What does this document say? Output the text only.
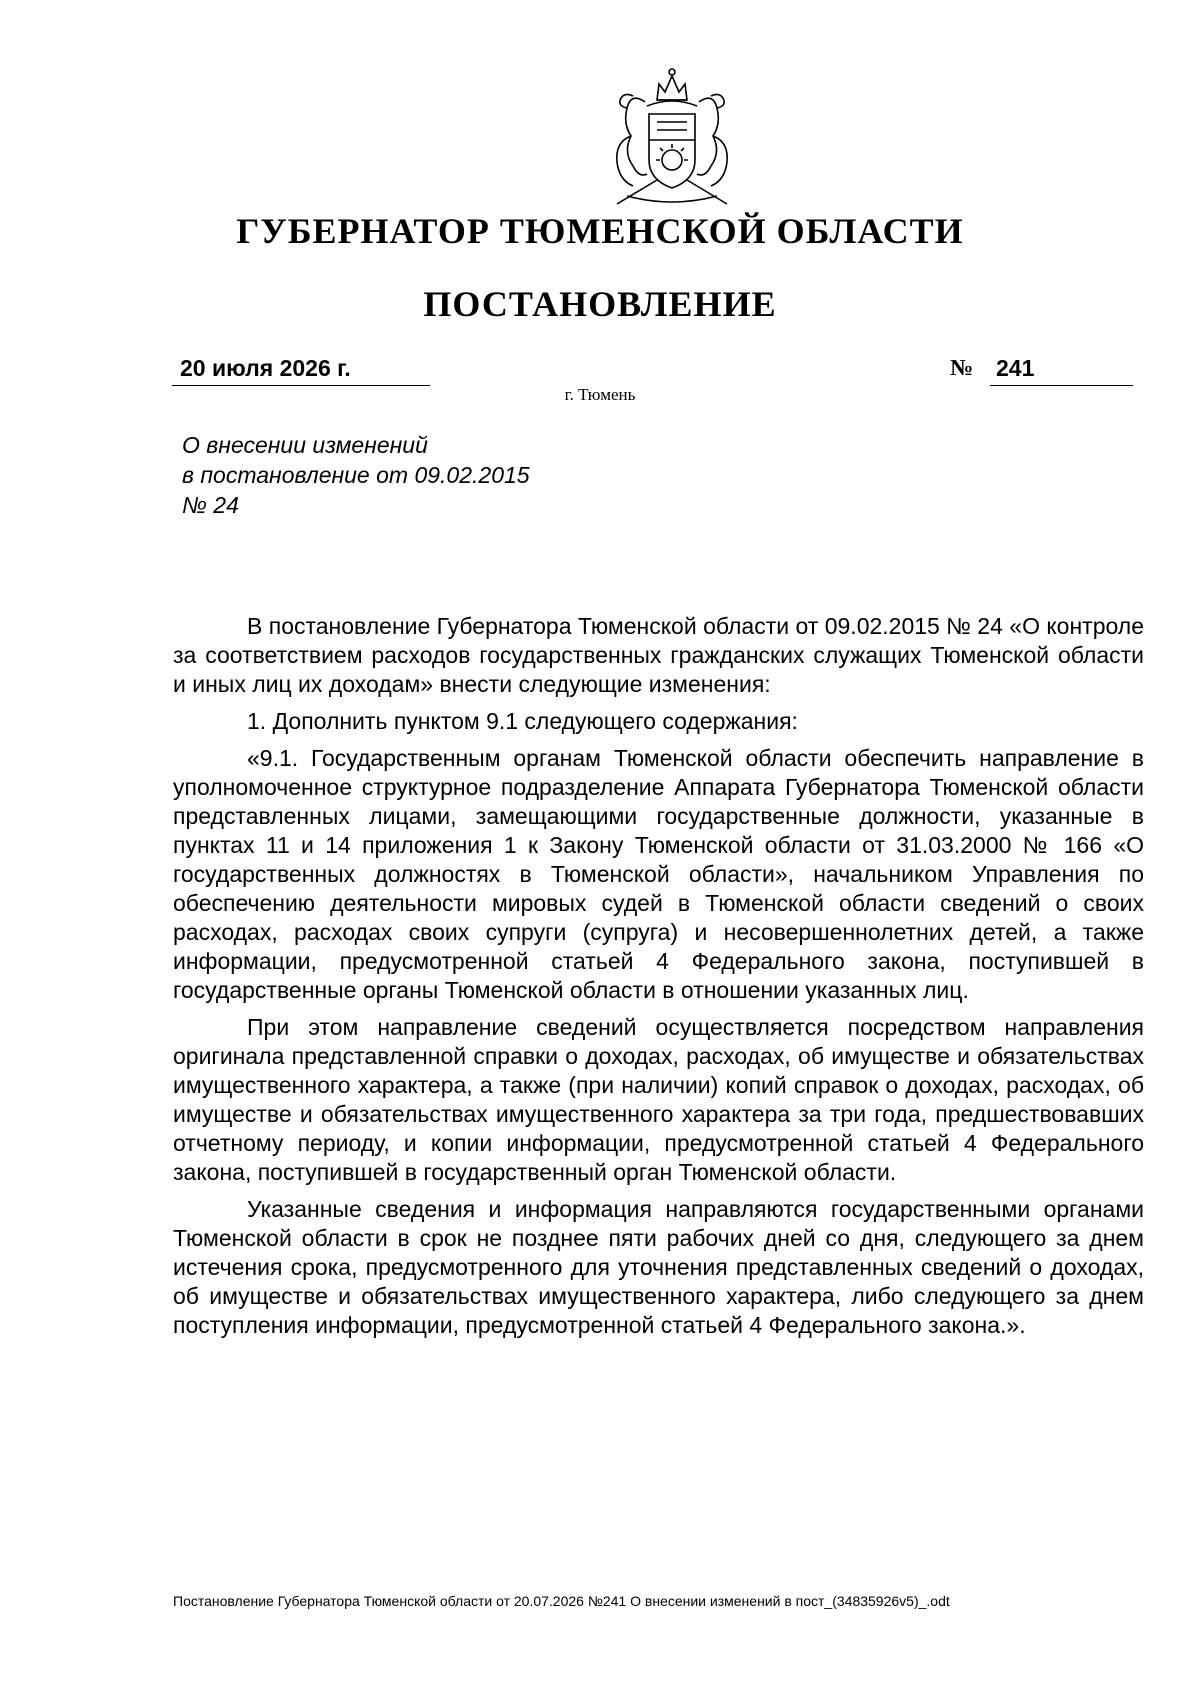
ГУБЕРНАТОР ТЮМЕНСКОЙ ОБЛАСТИ
ПОСТАНОВЛЕНИЕ
20 июля 2026 г.	№ 241
г. Тюмень
О внесении изменений
в постановление от 09.02.2015
№ 24

В постановление Губернатора Тюменской области от 09.02.2015 № 24 «О контроле за соответствием расходов государственных гражданских служащих Тюменской области и иных лиц их доходам» внести следующие изменения:

1. Дополнить пунктом 9.1 следующего содержания:

«9.1. Государственным органам Тюменской области обеспечить направление в уполномоченное структурное подразделение Аппарата Губернатора Тюменской области представленных лицами, замещающими государственные должности, указанные в пунктах 11 и 14 приложения 1 к Закону Тюменской области от 31.03.2000 № 166 «О государственных должностях в Тюменской области», начальником Управления по обеспечению деятельности мировых судей в Тюменской области сведений о своих расходах, расходах своих супруги (супруга) и несовершеннолетних детей, а также информации, предусмотренной статьей 4 Федерального закона, поступившей в государственные органы Тюменской области в отношении указанных лиц.

При этом направление сведений осуществляется посредством направления оригинала представленной справки о доходах, расходах, об имуществе и обязательствах имущественного характера, а также (при наличии) копий справок о доходах, расходах, об имуществе и обязательствах имущественного характера за три года, предшествовавших отчетному периоду, и копии информации, предусмотренной статьей 4 Федерального закона, поступившей в государственный орган Тюменской области.

Указанные сведения и информация направляются государственными органами Тюменской области в срок не позднее пяти рабочих дней со дня, следующего за днем истечения срока, предусмотренного для уточнения представленных сведений о доходах, об имуществе и обязательствах имущественного характера, либо следующего за днем поступления информации, предусмотренной статьей 4 Федерального закона.».

Постановление Губернатора Тюменской области от 20.07.2026 №241 О внесении изменений в пост_(34835926v5)_.odt
